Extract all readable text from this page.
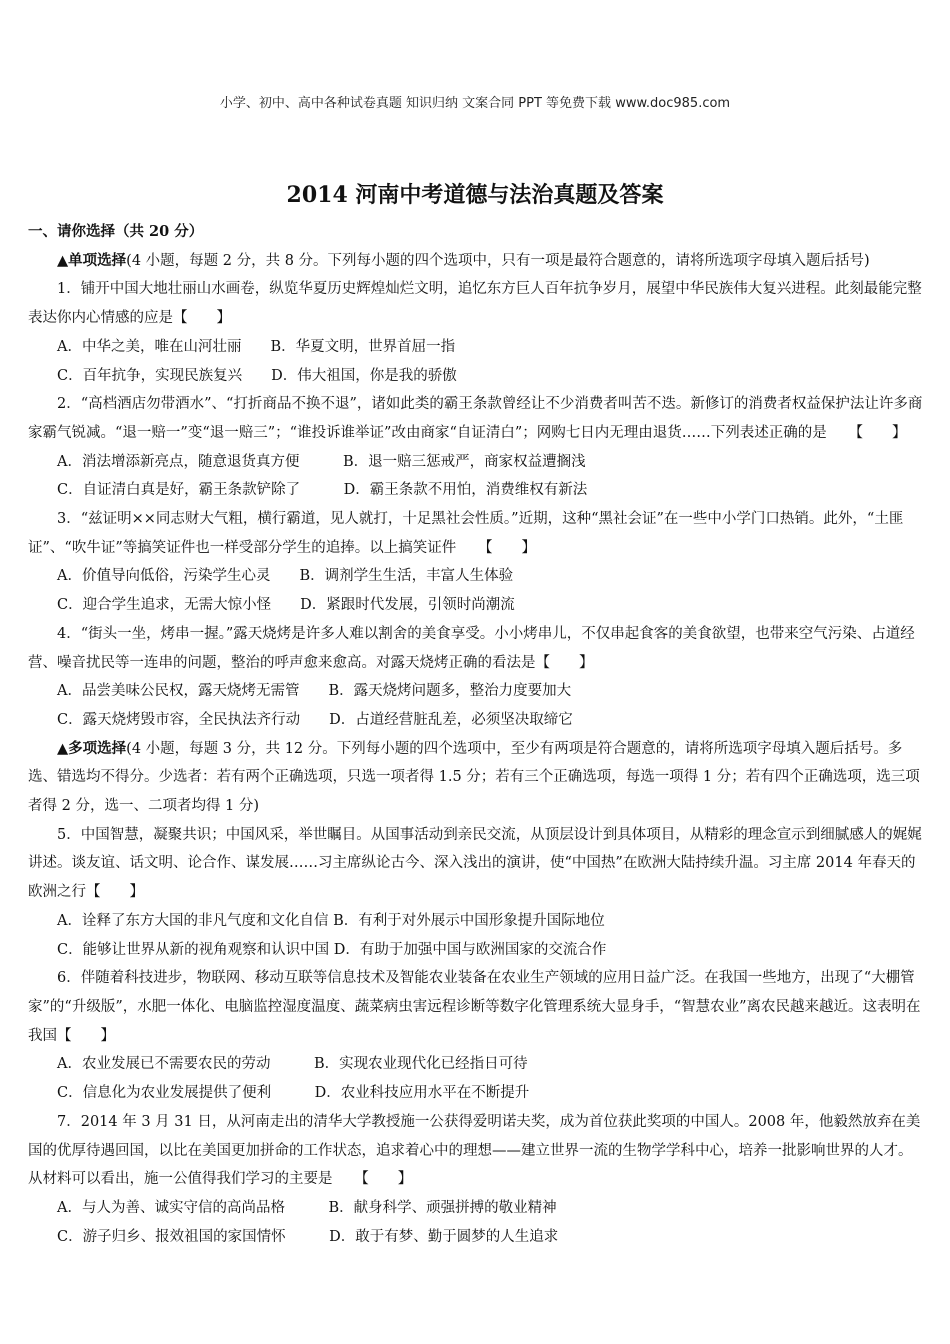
小学、初中、高中各种试卷真题 知识归纳 文案合同 PPT 等免费下载 www.doc985.com
2014 河南中考道德与法治真题及答案

一、请你选择（共 20 分）

▲单项选择(4 小题，每题 2 分，共 8 分。下列每小题的四个选项中，只有一项是最符合题意的，请将所选项字母填入题后括号)

1．铺开中国大地壮丽山水画卷，纵览华夏历史辉煌灿烂文明，追忆东方巨人百年抗争岁月，展望中华民族伟大复兴进程。此刻最能完整表达你内心情感的应是【　　】

A．中华之美，唯在山河壮丽　　B．华夏文明，世界首屈一指

C．百年抗争，实现民族复兴　　D．伟大祖国，你是我的骄傲

2．“高档酒店勿带酒水”、“打折商品不换不退”，诸如此类的霸王条款曾经让不少消费者叫苦不迭。新修订的消费者权益保护法让许多商家霸气锐减。“退一赔一”变“退一赔三”；“谁投诉谁举证”改由商家“自证清白”；网购七日内无理由退货……下列表述正确的是　　【　　】

A．消法增添新亮点，随意退货真方便　　　B．退一赔三惩戒严，商家权益遭搁浅

C．自证清白真是好，霸王条款铲除了　　　D．霸王条款不用怕，消费维权有新法

3．“兹证明××同志财大气粗，横行霸道，见人就打，十足黑社会性质。”近期，这种“黑社会证”在一些中小学门口热销。此外，“土匪证”、“吹牛证”等搞笑证件也一样受部分学生的追捧。以上搞笑证件　　【　　】

A．价值导向低俗，污染学生心灵　　B．调剂学生生活，丰富人生体验

C．迎合学生追求，无需大惊小怪　　D．紧跟时代发展，引领时尚潮流

4．“街头一坐，烤串一握。”露天烧烤是许多人难以割舍的美食享受。小小烤串儿，不仅串起食客的美食欲望，也带来空气污染、占道经营、噪音扰民等一连串的问题，整治的呼声愈来愈高。对露天烧烤正确的看法是【　　】

A．品尝美味公民权，露天烧烤无需管　　B．露天烧烤问题多，整治力度要加大

C．露天烧烤毁市容，全民执法齐行动　　D．占道经营脏乱差，必须坚决取缔它

▲多项选择(4 小题，每题 3 分，共 12 分。下列每小题的四个选项中，至少有两项是符合题意的，请将所选项字母填入题后括号。多选、错选均不得分。少选者：若有两个正确选项，只选一项者得 1.5 分；若有三个正确选项，每选一项得 1 分；若有四个正确选项，选三项者得 2 分，选一、二项者均得 1 分)

5．中国智慧，凝聚共识；中国风采，举世瞩目。从国事活动到亲民交流，从顶层设计到具体项目，从精彩的理念宣示到细腻感人的娓娓讲述。谈友谊、话文明、论合作、谋发展……习主席纵论古今、深入浅出的演讲，使“中国热”在欧洲大陆持续升温。习主席 2014 年春天的欧洲之行【　　】

A．诠释了东方大国的非凡气度和文化自信 B．有利于对外展示中国形象提升国际地位

C．能够让世界从新的视角观察和认识中国 D．有助于加强中国与欧洲国家的交流合作

6．伴随着科技进步，物联网、移动互联等信息技术及智能农业装备在农业生产领域的应用日益广泛。在我国一些地方，出现了“大棚管家”的“升级版”，水肥一体化、电脑监控湿度温度、蔬菜病虫害远程诊断等数字化管理系统大显身手，“智慧农业”离农民越来越近。这表明在我国【　　】

A．农业发展已不需要农民的劳动　　　B．实现农业现代化已经指日可待

C．信息化为农业发展提供了便利　　　D．农业科技应用水平在不断提升

7．2014 年 3 月 31 日，从河南走出的清华大学教授施一公获得爱明诺夫奖，成为首位获此奖项的中国人。2008 年，他毅然放弃在美国的优厚待遇回国，以比在美国更加拼命的工作状态，追求着心中的理想——建立世界一流的生物学学科中心，培养一批影响世界的人才。从材料可以看出，施一公值得我们学习的主要是　　【　　】

A．与人为善、诚实守信的高尚品格　　　B．献身科学、顽强拼搏的敬业精神

C．游子归乡、报效祖国的家国情怀　　　D．敢于有梦、勤于圆梦的人生追求
